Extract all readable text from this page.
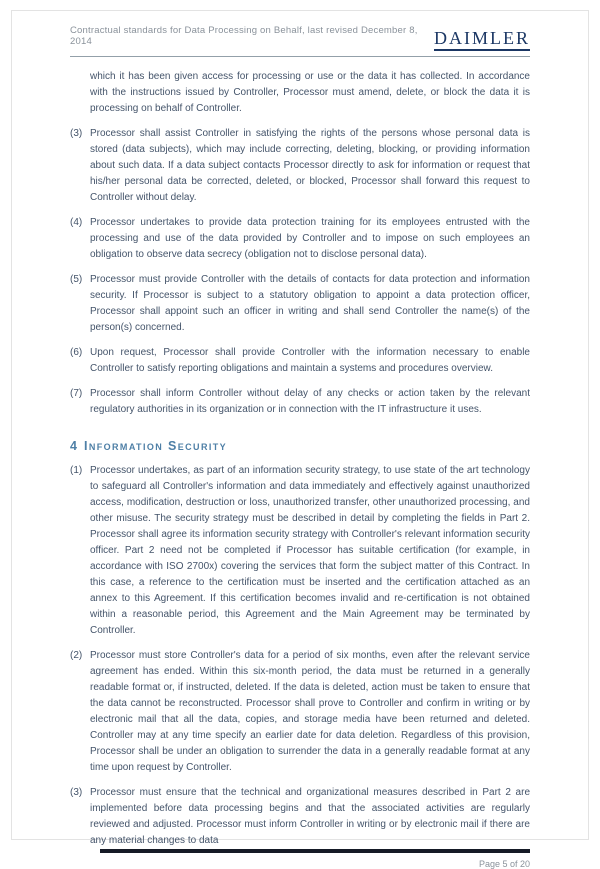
Contractual standards for Data Processing on Behalf, last revised December 8, 2014	DAIMLER

which it has been given access for processing or use or the data it has collected. In accordance with the instructions issued by Controller, Processor must amend, delete, or block the data it is processing on behalf of Controller.

(3) Processor shall assist Controller in satisfying the rights of the persons whose personal data is stored (data subjects), which may include correcting, deleting, blocking, or providing information about such data. If a data subject contacts Processor directly to ask for information or request that his/her personal data be corrected, deleted, or blocked, Processor shall forward this request to Controller without delay.
(4) Processor undertakes to provide data protection training for its employees entrusted with the processing and use of the data provided by Controller and to impose on such employees an obligation to observe data secrecy (obligation not to disclose personal data).
(5) Processor must provide Controller with the details of contacts for data protection and information security. If Processor is subject to a statutory obligation to appoint a data protection officer, Processor shall appoint such an officer in writing and shall send Controller the name(s) of the person(s) concerned.
(6) Upon request, Processor shall provide Controller with the information necessary to enable Controller to satisfy reporting obligations and maintain a systems and procedures overview.
(7) Processor shall inform Controller without delay of any checks or action taken by the relevant regulatory authorities in its organization or in connection with the IT infrastructure it uses.
4 Information Security
(1) Processor undertakes, as part of an information security strategy, to use state of the art technology to safeguard all Controller's information and data immediately and effectively against unauthorized access, modification, destruction or loss, unauthorized transfer, other unauthorized processing, and other misuse. The security strategy must be described in detail by completing the fields in Part 2. Processor shall agree its information security strategy with Controller's relevant information security officer. Part 2 need not be completed if Processor has suitable certification (for example, in accordance with ISO 2700x) covering the services that form the subject matter of this Contract. In this case, a reference to the certification must be inserted and the certification attached as an annex to this Agreement. If this certification becomes invalid and re-certification is not obtained within a reasonable period, this Agreement and the Main Agreement may be terminated by Controller.
(2) Processor must store Controller's data for a period of six months, even after the relevant service agreement has ended. Within this six-month period, the data must be returned in a generally readable format or, if instructed, deleted. If the data is deleted, action must be taken to ensure that the data cannot be reconstructed. Processor shall prove to Controller and confirm in writing or by electronic mail that all the data, copies, and storage media have been returned and deleted. Controller may at any time specify an earlier date for data deletion. Regardless of this provision, Processor shall be under an obligation to surrender the data in a generally readable format at any time upon request by Controller.
(3) Processor must ensure that the technical and organizational measures described in Part 2 are implemented before data processing begins and that the associated activities are regularly reviewed and adjusted. Processor must inform Controller in writing or by electronic mail if there are any material changes to data
Page 5 of 20
